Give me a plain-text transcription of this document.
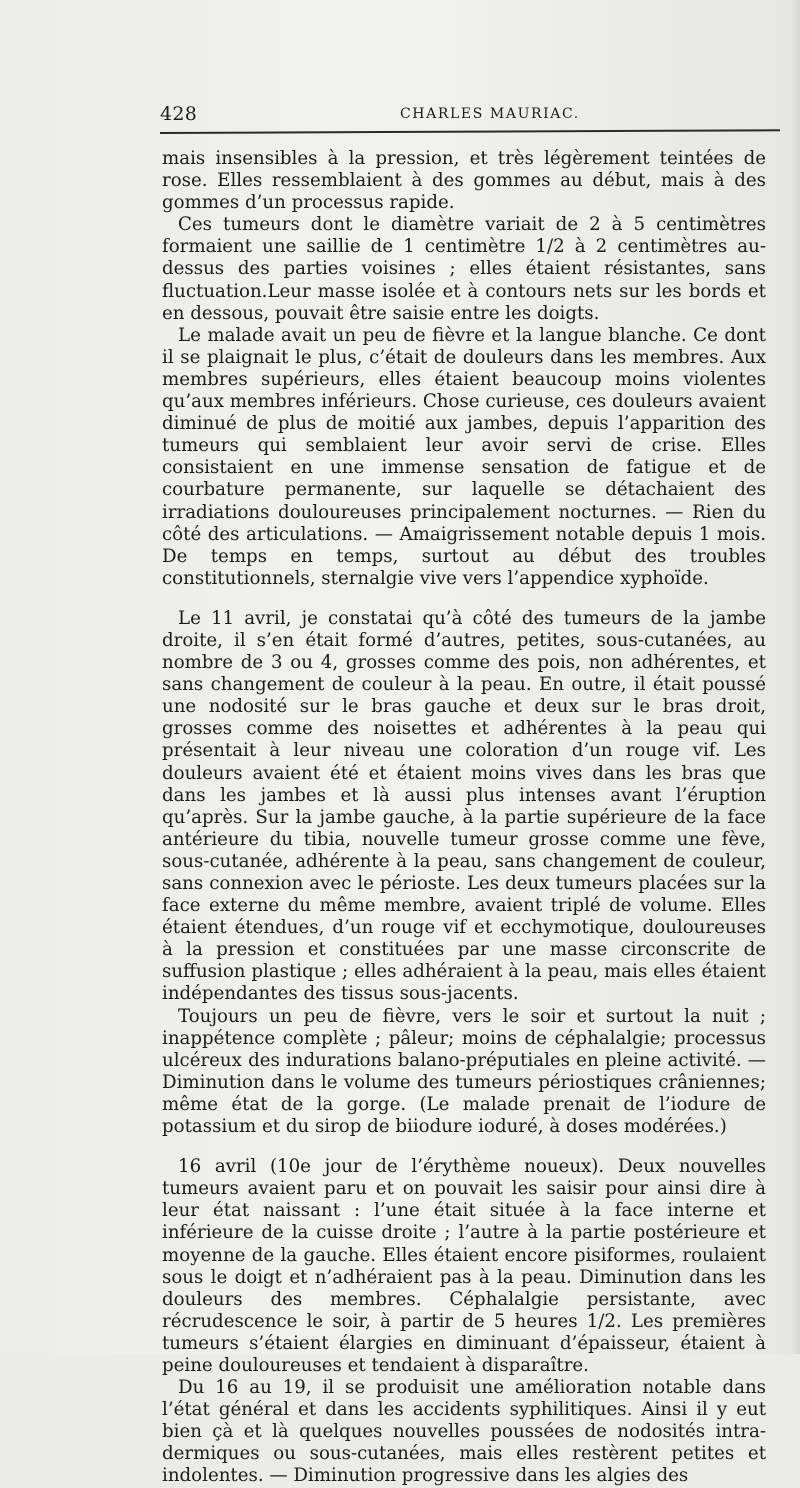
428	CHARLES MAURIAC.

mais insensibles à la pression, et très légèrement teintées de rose. Elles ressemblaient à des gommes au début, mais à des gommes d’un processus rapide.

Ces tumeurs dont le diamètre variait de 2 à 5 centimètres formaient une saillie de 1 centimètre 1/2 à 2 centimètres au-dessus des parties voisines ; elles étaient résistantes, sans fluctuation.Leur masse isolée et à contours nets sur les bords et en dessous, pouvait être saisie entre les doigts.

Le malade avait un peu de fièvre et la langue blanche. Ce dont il se plaignait le plus, c’était de douleurs dans les membres. Aux membres supérieurs, elles étaient beaucoup moins violentes qu’aux membres inférieurs. Chose curieuse, ces douleurs avaient diminué de plus de moitié aux jambes, depuis l’apparition des tumeurs qui semblaient leur avoir servi de crise. Elles consistaient en une immense sensation de fatigue et de courbature permanente, sur laquelle se détachaient des irradiations douloureuses principalement nocturnes. — Rien du côté des articulations. — Amaigrissement notable depuis 1 mois. De temps en temps, surtout au début des troubles constitutionnels, sternalgie vive vers l’appendice xyphoïde.

Le 11 avril, je constatai qu’à côté des tumeurs de la jambe droite, il s’en était formé d’autres, petites, sous-cutanées, au nombre de 3 ou 4, grosses comme des pois, non adhérentes, et sans changement de couleur à la peau. En outre, il était poussé une nodosité sur le bras gauche et deux sur le bras droit, grosses comme des noisettes et adhérentes à la peau qui présentait à leur niveau une coloration d’un rouge vif. Les douleurs avaient été et étaient moins vives dans les bras que dans les jambes et là aussi plus intenses avant l’éruption qu’après. Sur la jambe gauche, à la partie supérieure de la face antérieure du tibia, nouvelle tumeur grosse comme une fève, sous-cutanée, adhérente à la peau, sans changement de couleur, sans connexion avec le périoste. Les deux tumeurs placées sur la face externe du même membre, avaient triplé de volume. Elles étaient étendues, d’un rouge vif et ecchymotique, douloureuses à la pression et constituées par une masse circonscrite de suffusion plastique ; elles adhéraient à la peau, mais elles étaient indépendantes des tissus sous-jacents.

Toujours un peu de fièvre, vers le soir et surtout la nuit ; inappétence complète ; pâleur; moins de céphalalgie; processus ulcéreux des indurations balano-préputiales en pleine activité. — Diminution dans le volume des tumeurs périostiques crâniennes; même état de la gorge. (Le malade prenait de l’iodure de potassium et du sirop de biiodure ioduré, à doses modérées.)

16 avril (10e jour de l’érythème noueux). Deux nouvelles tumeurs avaient paru et on pouvait les saisir pour ainsi dire à leur état naissant : l’une était située à la face interne et inférieure de la cuisse droite ; l’autre à la partie postérieure et moyenne de la gauche. Elles étaient encore pisiformes, roulaient sous le doigt et n’adhéraient pas à la peau. Diminution dans les douleurs des membres. Céphalalgie persistante, avec récrudescence le soir, à partir de 5 heures 1/2. Les premières tumeurs s’étaient élargies en diminuant d’épaisseur, étaient à peine douloureuses et tendaient à disparaître.

Du 16 au 19, il se produisit une amélioration notable dans l’état général et dans les accidents syphilitiques. Ainsi il y eut bien çà et là quelques nouvelles poussées de nodosités intra-dermiques ou sous-cutanées, mais elles restèrent petites et indolentes. — Diminution progressive dans les algies des
